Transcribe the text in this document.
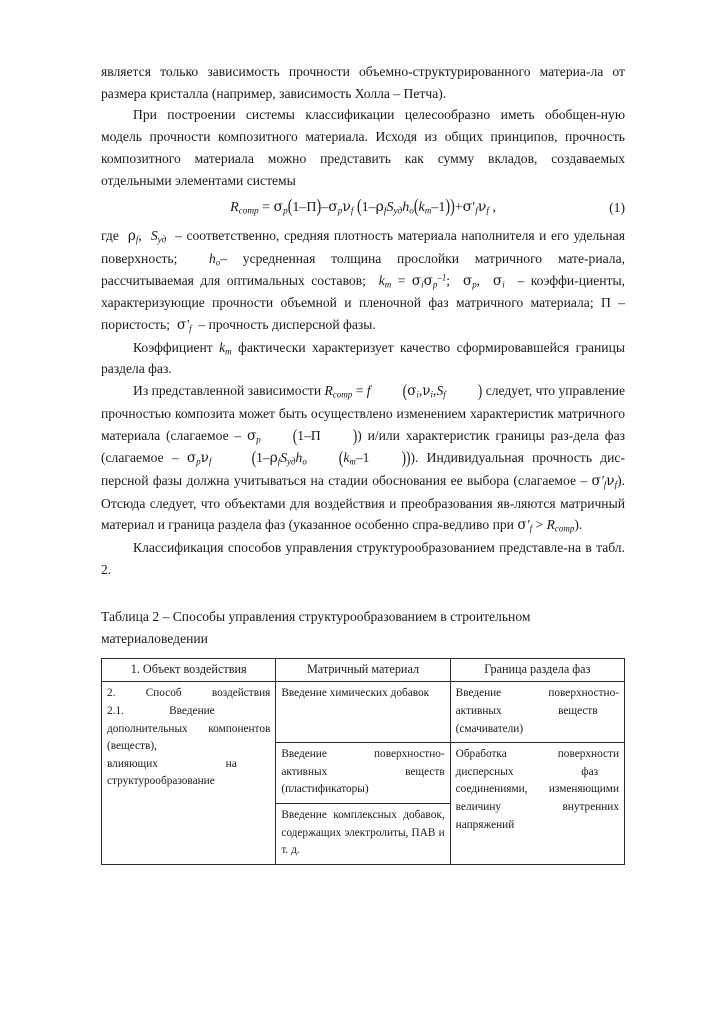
является только зависимость прочности объемно-структурированного материа-ла от размера кристалла (например, зависимость Холла – Петча).

При построении системы классификации целесообразно иметь обобщен-ную модель прочности композитного материала. Исходя из общих принципов, прочность композитного материала можно представить как сумму вкладов, создаваемых отдельными элементами системы

$R_{comp} = \sigma_p(1-\Pi)-\sigma_p\nu_f$ $(1-\rho_fS_{уд}h_о(k_m-1))+\sigma'_f\nu_f$ ,	(1)

где  $\rho_f$,  $S_{уд}$  – соответственно, средняя плотность материала наполнителя и его удельная поверхность;  $h_о-$ усредненная толщина прослойки матричного мате-риала, рассчитываемая для оптимальных составов;  $k_m = \sigma_i\sigma_p^{-1}$;  $\sigma_p$,  $\sigma_i$  – коэффи-циенты, характеризующие прочности объемной и пленочной фаз матричного материала; П – пористость;  $\sigma'_f$  – прочность дисперсной фазы.

Коэффициент $k_m$ фактически характеризует качество сформировавшейся границы раздела фаз.

Из представленной зависимости $R_{comp} = f$ ($\sigma_i,\nu_i,S_f$ ) следует, что управление прочностью композита может быть осуществлено изменением характеристик матричного материала (слагаемое – $\sigma_p$ (1–Π )) и/или характеристик границы раз-дела фаз (слагаемое – $\sigma_p\nu_f$	($1-\rho_fS_{уд}h_о$ ($k_m-1$ ))). Индивидуальная прочность дис-персной фазы должна учитываться на стадии обоснования ее выбора (слагаемое – $\sigma'_f\nu_f$). Отсюда следует, что объектами для воздействия и преобразования яв-ляются матричный материал и граница раздела фаз (указанное особенно спра-ведливо при $\sigma'_f > R_{comp}$).

Классификация способов управления структурообразованием представле-на в табл. 2.

Таблица 2 – Способы управления структурообразованием в строительном
материаловедении
1. Объект воздействия	Матричный материал	Граница раздела фаз
2. Способ воздействия 2.1.    Введение дополнительных компонентов (веществ), влияющих      на структурообразование	Введение химических добавок	Введение поверхностно-активных     веществ (смачиватели)
	Введение поверхностно-активных веществ (пластификаторы)	Обработка поверхности дисперсных      фаз соединениями, изменяющими величину внутренних напряжений
	Введение комплексных добавок, содержащих электролиты, ПАВ и т. д.	
